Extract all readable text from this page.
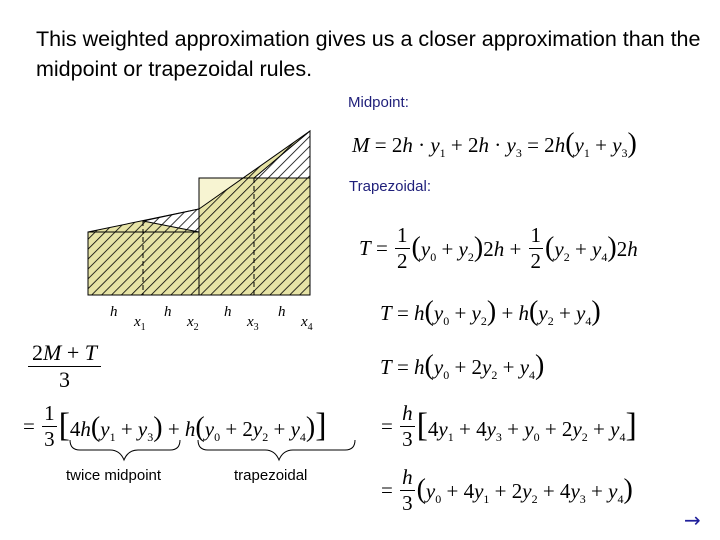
This weighted approximation gives us a closer approximation than the midpoint or trapezoidal rules.
h
$x_1$
h
$x_2$
h
$x_3$
h
$x_4$
Midpoint:
Trapezoidal:
$M = 2h \cdot y_1 + 2h \cdot y_3 = 2h(y_1 + y_3)$
T =	
1
2	$(y_0 + y_2)2h$ +	
1
2	$(y_2 + y_4)2h$
$T = h(y_0 + y_2) + h(y_2 + y_4)$
$T = h(y_0 + 2y_2 + y_4)$
$\frac{2M + T}{3}$
=	
1
3	$[4h(y_1 + y_3) + h(y_0 + 2y_2 + y_4)]$	=	
h
3	$[4y_1 + 4y_3 + y_0 + 2y_2 + y_4]$
=	
h
3	$(y_0 + 4y_1 + 2y_2 + 4y_3 + y_4)$
twice midpoint	trapezoidal
→
